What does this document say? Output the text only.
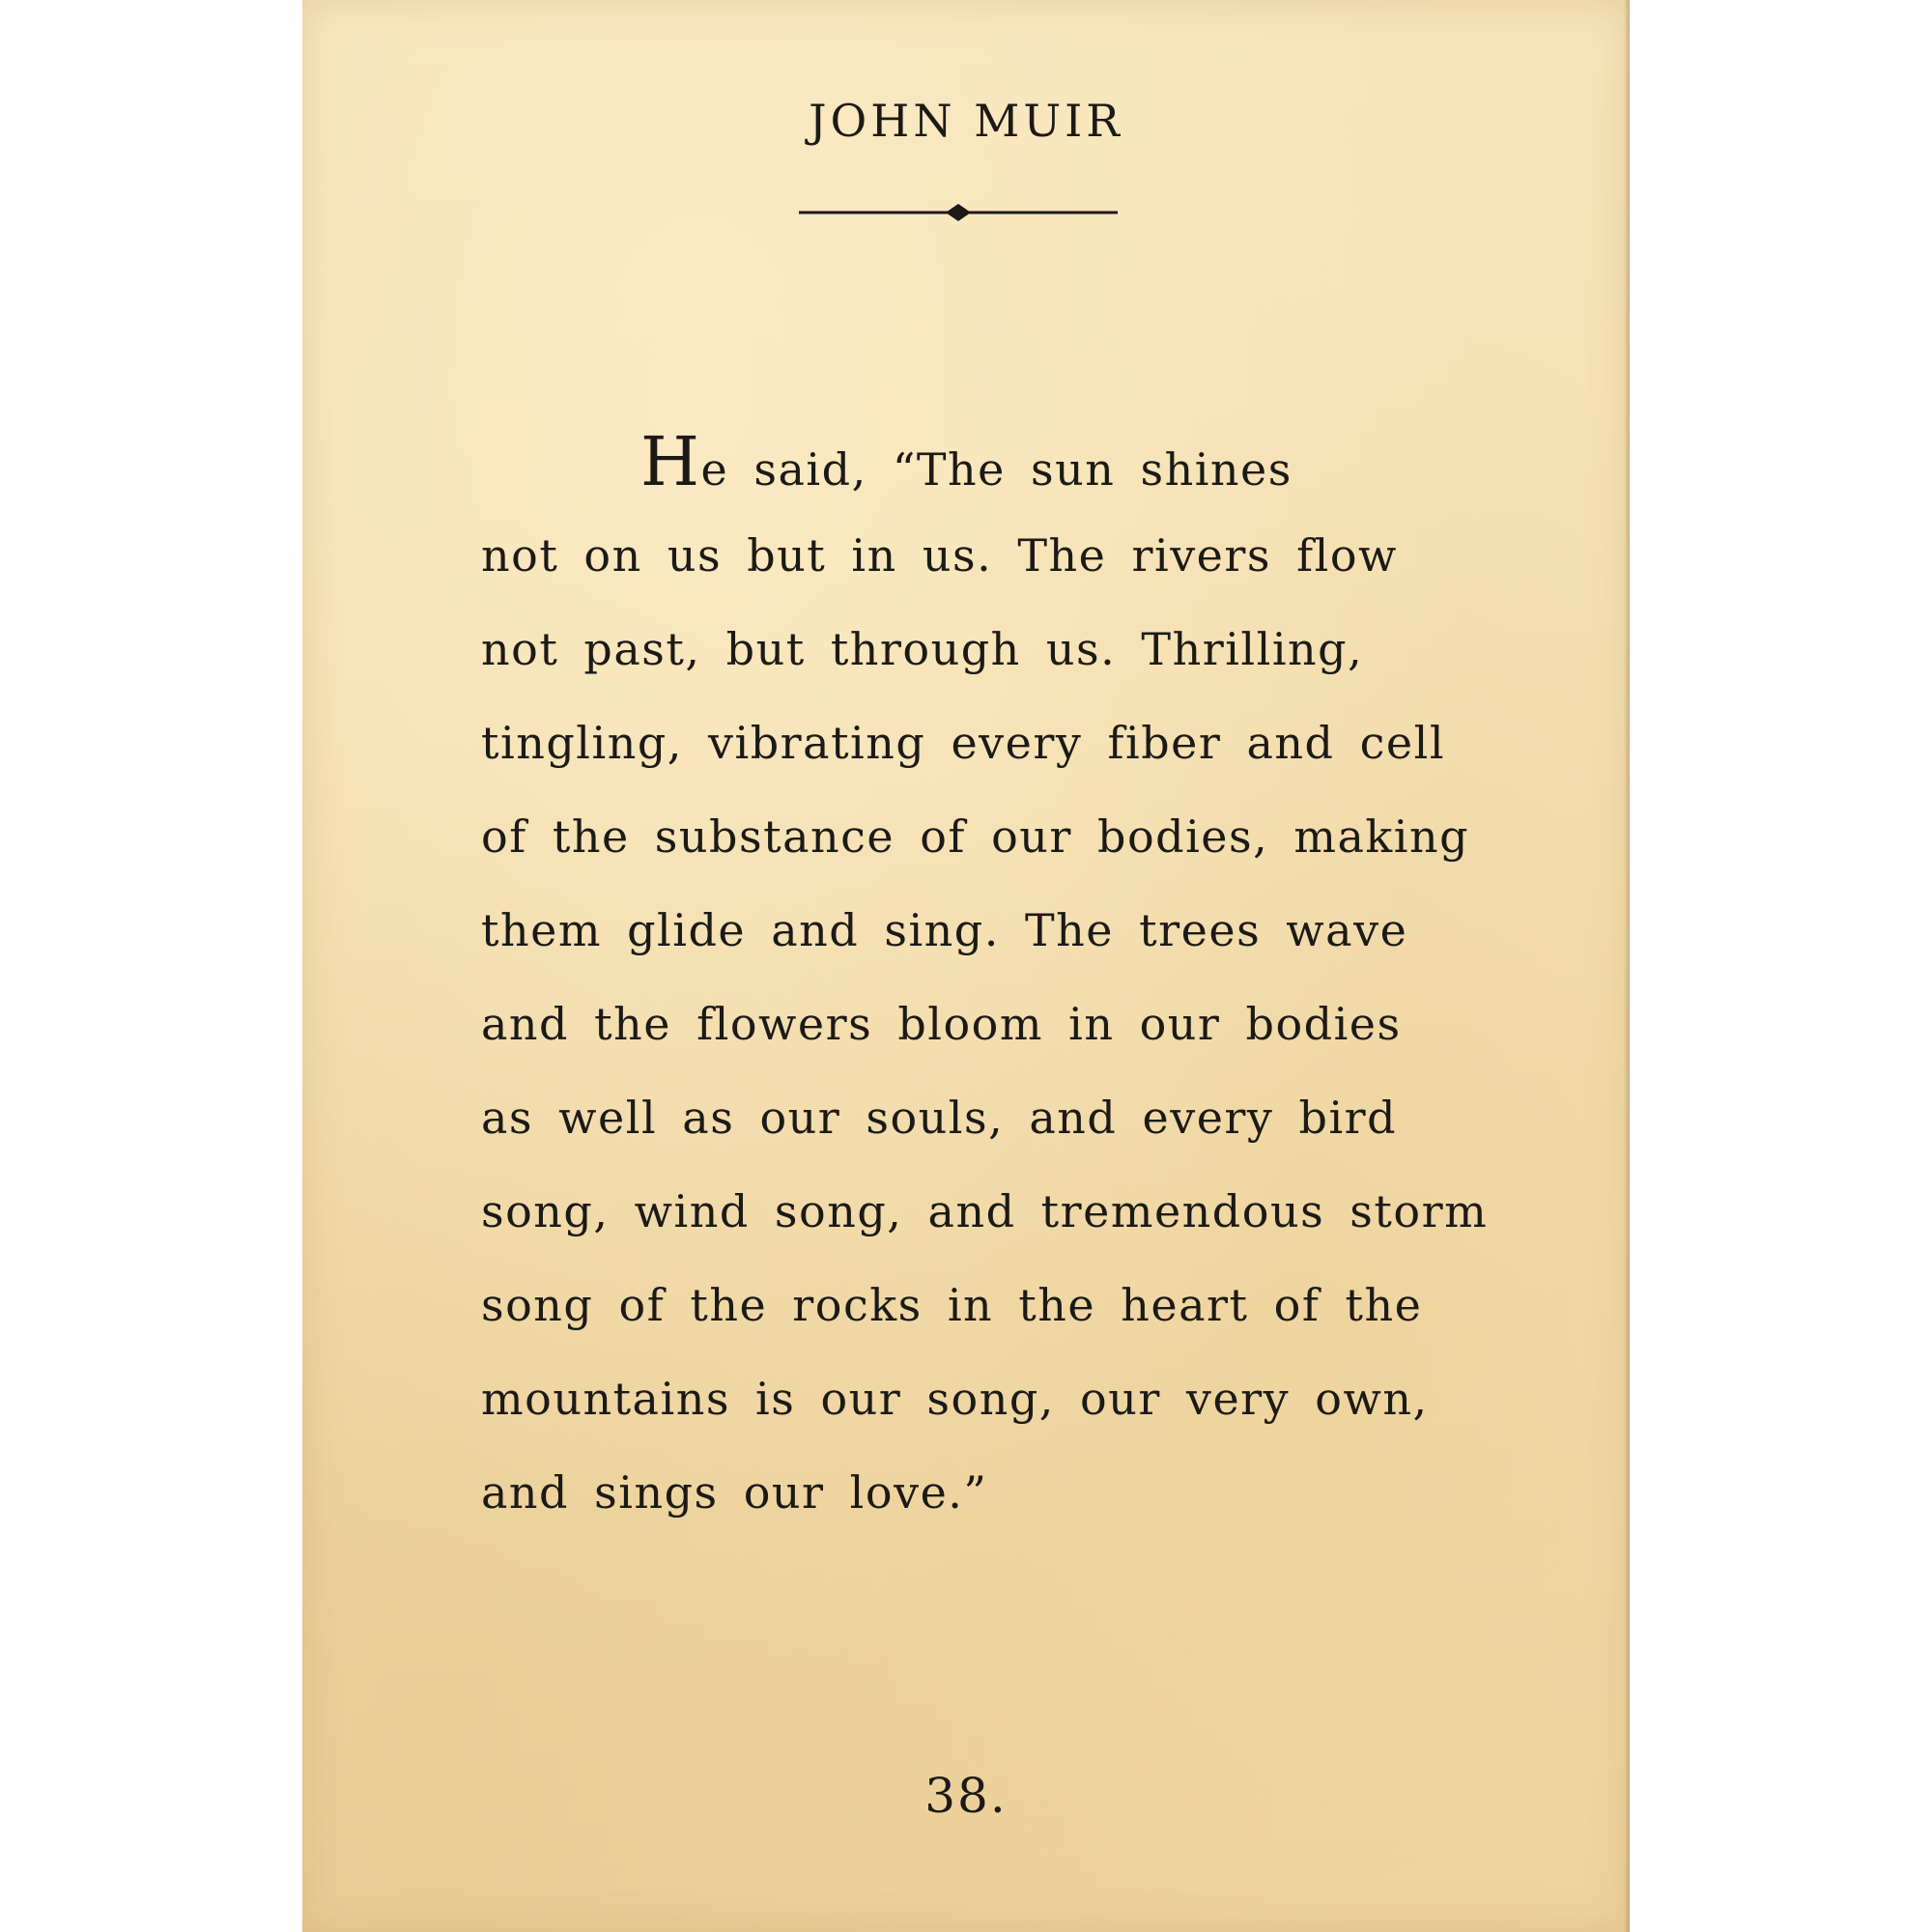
JOHN MUIR
He said, “The sun shines
not on us but in us. The rivers flow
not past, but through us. Thrilling,
tingling, vibrating every fiber and cell
of the substance of our bodies, making
them glide and sing. The trees wave
and the flowers bloom in our bodies
as well as our souls, and every bird
song, wind song, and tremendous storm
song of the rocks in the heart of the
mountains is our song, our very own,
and sings our love.”
38.
